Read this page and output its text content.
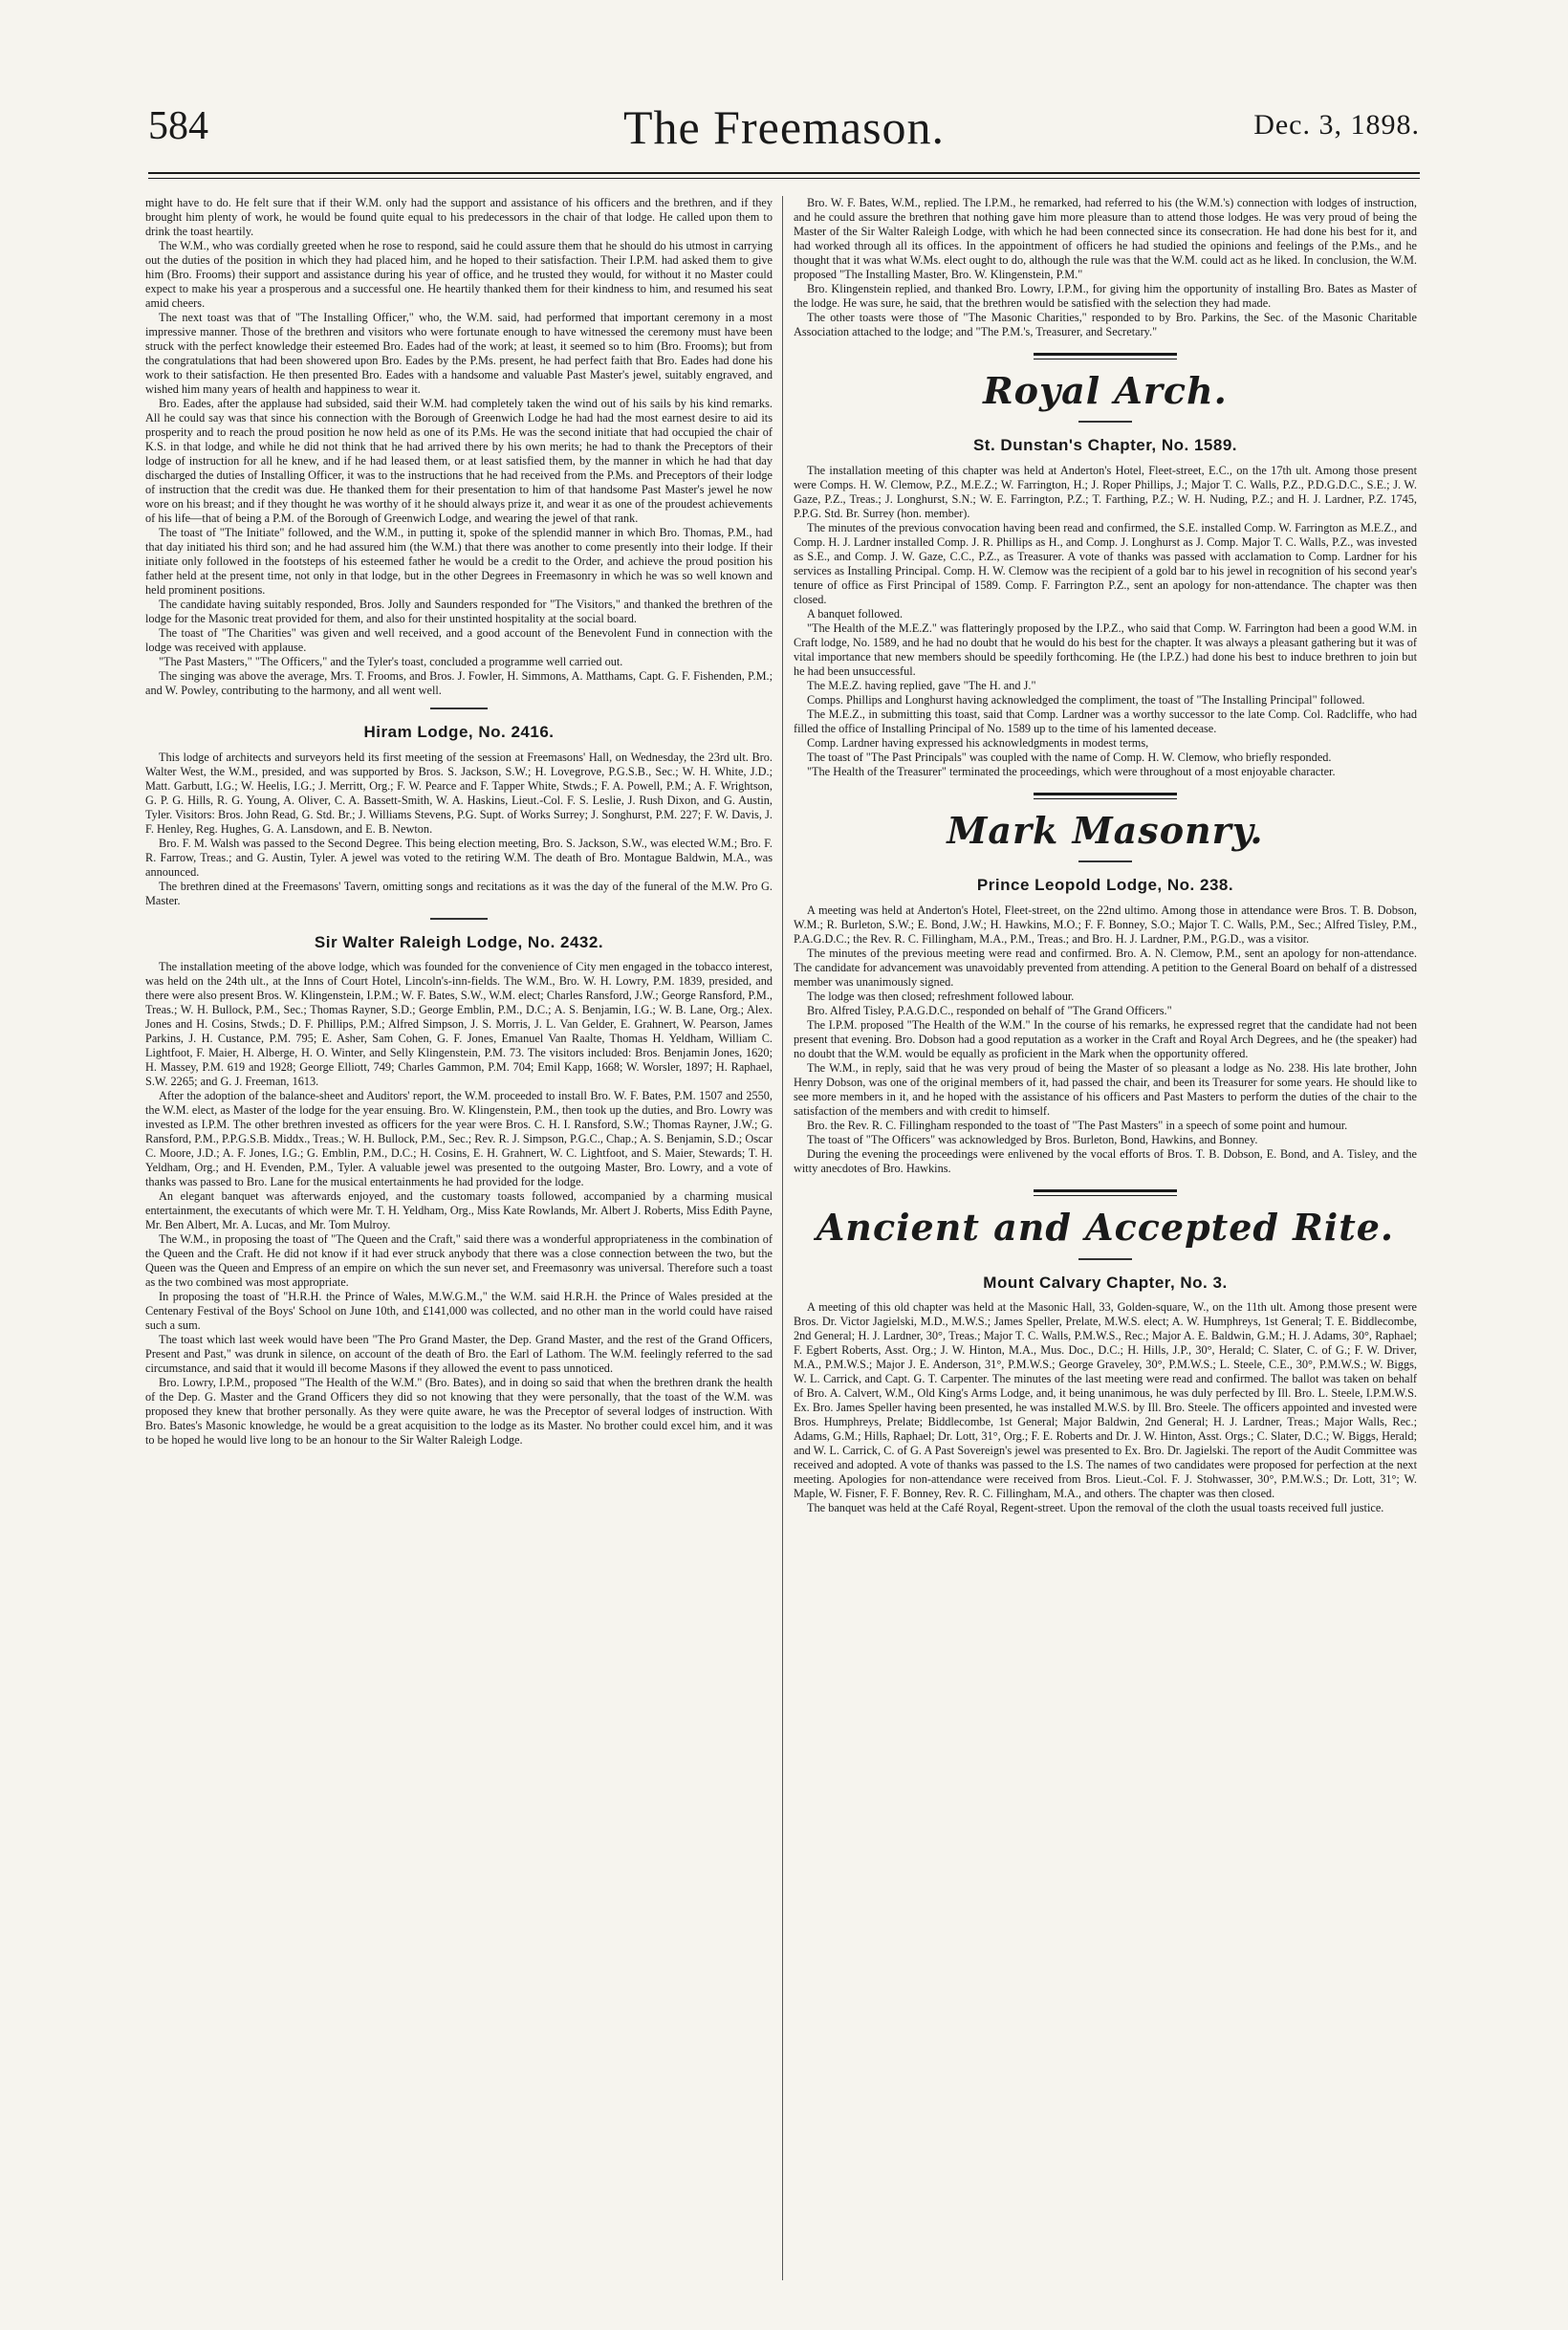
584	The Freemason.	Dec. 3, 1898.

might have to do. He felt sure that if their W.M. only had the support and assistance of his officers and the brethren, and if they brought him plenty of work, he would be found quite equal to his predecessors in the chair of that lodge. He called upon them to drink the toast heartily.

The W.M., who was cordially greeted when he rose to respond, said he could assure them that he should do his utmost in carrying out the duties of the position in which they had placed him, and he hoped to their satisfaction. Their I.P.M. had asked them to give him (Bro. Frooms) their support and assistance during his year of office, and he trusted they would, for without it no Master could expect to make his year a prosperous and a successful one. He heartily thanked them for their kindness to him, and resumed his seat amid cheers.

The next toast was that of "The Installing Officer," who, the W.M. said, had performed that important ceremony in a most impressive manner. Those of the brethren and visitors who were fortunate enough to have witnessed the ceremony must have been struck with the perfect knowledge their esteemed Bro. Eades had of the work; at least, it seemed so to him (Bro. Frooms); but from the congratulations that had been showered upon Bro. Eades by the P.Ms. present, he had perfect faith that Bro. Eades had done his work to their satisfaction. He then presented Bro. Eades with a handsome and valuable Past Master's jewel, suitably engraved, and wished him many years of health and happiness to wear it.

Bro. Eades, after the applause had subsided, said their W.M. had completely taken the wind out of his sails by his kind remarks. All he could say was that since his connection with the Borough of Greenwich Lodge he had had the most earnest desire to aid its prosperity and to reach the proud position he now held as one of its P.Ms. He was the second initiate that had occupied the chair of K.S. in that lodge, and while he did not think that he had arrived there by his own merits; he had to thank the Preceptors of their lodge of instruction for all he knew, and if he had leased them, or at least satisfied them, by the manner in which he had that day discharged the duties of Installing Officer, it was to the instructions that he had received from the P.Ms. and Preceptors of their lodge of instruction that the credit was due. He thanked them for their presentation to him of that handsome Past Master's jewel he now wore on his breast; and if they thought he was worthy of it he should always prize it, and wear it as one of the proudest achievements of his life—that of being a P.M. of the Borough of Greenwich Lodge, and wearing the jewel of that rank.

The toast of "The Initiate" followed, and the W.M., in putting it, spoke of the splendid manner in which Bro. Thomas, P.M., had that day initiated his third son; and he had assured him (the W.M.) that there was another to come presently into their lodge. If their initiate only followed in the footsteps of his esteemed father he would be a credit to the Order, and achieve the proud position his father held at the present time, not only in that lodge, but in the other Degrees in Freemasonry in which he was so well known and held prominent positions.

The candidate having suitably responded, Bros. Jolly and Saunders responded for "The Visitors," and thanked the brethren of the lodge for the Masonic treat provided for them, and also for their unstinted hospitality at the social board.

The toast of "The Charities" was given and well received, and a good account of the Benevolent Fund in connection with the lodge was received with applause.

"The Past Masters," "The Officers," and the Tyler's toast, concluded a programme well carried out.

The singing was above the average, Mrs. T. Frooms, and Bros. J. Fowler, H. Simmons, A. Matthams, Capt. G. F. Fishenden, P.M.; and W. Powley, contributing to the harmony, and all went well.

Hiram Lodge, No. 2416.

This lodge of architects and surveyors held its first meeting of the session at Freemasons' Hall, on Wednesday, the 23rd ult. Bro. Walter West, the W.M., presided, and was supported by Bros. S. Jackson, S.W.; H. Lovegrove, P.G.S.B., Sec.; W. H. White, J.D.; Matt. Garbutt, I.G.; W. Heelis, I.G.; J. Merritt, Org.; F. W. Pearce and F. Tapper White, Stwds.; F. A. Powell, P.M.; A. F. Wrightson, G. P. G. Hills, R. G. Young, A. Oliver, C. A. Bassett-Smith, W. A. Haskins, Lieut.-Col. F. S. Leslie, J. Rush Dixon, and G. Austin, Tyler. Visitors: Bros. John Read, G. Std. Br.; J. Williams Stevens, P.G. Supt. of Works Surrey; J. Songhurst, P.M. 227; F. W. Davis, J. F. Henley, Reg. Hughes, G. A. Lansdown, and E. B. Newton.

Bro. F. M. Walsh was passed to the Second Degree. This being election meeting, Bro. S. Jackson, S.W., was elected W.M.; Bro. F. R. Farrow, Treas.; and G. Austin, Tyler. A jewel was voted to the retiring W.M. The death of Bro. Montague Baldwin, M.A., was announced.

The brethren dined at the Freemasons' Tavern, omitting songs and recitations as it was the day of the funeral of the M.W. Pro G. Master.

Sir Walter Raleigh Lodge, No. 2432.

The installation meeting of the above lodge, which was founded for the convenience of City men engaged in the tobacco interest, was held on the 24th ult., at the Inns of Court Hotel, Lincoln's-inn-fields. The W.M., Bro. W. H. Lowry, P.M. 1839, presided, and there were also present Bros. W. Klingenstein, I.P.M.; W. F. Bates, S.W., W.M. elect; Charles Ransford, J.W.; George Ransford, P.M., Treas.; W. H. Bullock, P.M., Sec.; Thomas Rayner, S.D.; George Emblin, P.M., D.C.; A. S. Benjamin, I.G.; W. B. Lane, Org.; Alex. Jones and H. Cosins, Stwds.; D. F. Phillips, P.M.; Alfred Simpson, J. S. Morris, J. L. Van Gelder, E. Grahnert, W. Pearson, James Parkins, J. H. Custance, P.M. 795; E. Asher, Sam Cohen, G. F. Jones, Emanuel Van Raalte, Thomas H. Yeldham, William C. Lightfoot, F. Maier, H. Alberge, H. O. Winter, and Selly Klingenstein, P.M. 73. The visitors included: Bros. Benjamin Jones, 1620; H. Massey, P.M. 619 and 1928; George Elliott, 749; Charles Gammon, P.M. 704; Emil Kapp, 1668; W. Worsler, 1897; H. Raphael, S.W. 2265; and G. J. Freeman, 1613.

After the adoption of the balance-sheet and Auditors' report, the W.M. proceeded to install Bro. W. F. Bates, P.M. 1507 and 2550, the W.M. elect, as Master of the lodge for the year ensuing. Bro. W. Klingenstein, P.M., then took up the duties, and Bro. Lowry was invested as I.P.M. The other brethren invested as officers for the year were Bros. C. H. I. Ransford, S.W.; Thomas Rayner, J.W.; G. Ransford, P.M., P.P.G.S.B. Middx., Treas.; W. H. Bullock, P.M., Sec.; Rev. R. J. Simpson, P.G.C., Chap.; A. S. Benjamin, S.D.; Oscar C. Moore, J.D.; A. F. Jones, I.G.; G. Emblin, P.M., D.C.; H. Cosins, E. H. Grahnert, W. C. Lightfoot, and S. Maier, Stewards; T. H. Yeldham, Org.; and H. Evenden, P.M., Tyler. A valuable jewel was presented to the outgoing Master, Bro. Lowry, and a vote of thanks was passed to Bro. Lane for the musical entertainments he had provided for the lodge.

An elegant banquet was afterwards enjoyed, and the customary toasts followed, accompanied by a charming musical entertainment, the executants of which were Mr. T. H. Yeldham, Org., Miss Kate Rowlands, Mr. Albert J. Roberts, Miss Edith Payne, Mr. Ben Albert, Mr. A. Lucas, and Mr. Tom Mulroy.

The W.M., in proposing the toast of "The Queen and the Craft," said there was a wonderful appropriateness in the combination of the Queen and the Craft. He did not know if it had ever struck anybody that there was a close connection between the two, but the Queen was the Queen and Empress of an empire on which the sun never set, and Freemasonry was universal. Therefore such a toast as the two combined was most appropriate.

In proposing the toast of "H.R.H. the Prince of Wales, M.W.G.M.," the W.M. said H.R.H. the Prince of Wales presided at the Centenary Festival of the Boys' School on June 10th, and £141,000 was collected, and no other man in the world could have raised such a sum.

The toast which last week would have been "The Pro Grand Master, the Dep. Grand Master, and the rest of the Grand Officers, Present and Past," was drunk in silence, on account of the death of Bro. the Earl of Lathom. The W.M. feelingly referred to the sad circumstance, and said that it would ill become Masons if they allowed the event to pass unnoticed.

Bro. Lowry, I.P.M., proposed "The Health of the W.M." (Bro. Bates), and in doing so said that when the brethren drank the health of the Dep. G. Master and the Grand Officers they did so not knowing that they were personally, that the toast of the W.M. was proposed they knew that brother personally. As they were quite aware, he was the Preceptor of several lodges of instruction. With Bro. Bates's Masonic knowledge, he would be a great acquisition to the lodge as its Master. No brother could excel him, and it was to be hoped he would live long to be an honour to the Sir Walter Raleigh Lodge.

Bro. W. F. Bates, W.M., replied. The I.P.M., he remarked, had referred to his (the W.M.'s) connection with lodges of instruction, and he could assure the brethren that nothing gave him more pleasure than to attend those lodges. He was very proud of being the Master of the Sir Walter Raleigh Lodge, with which he had been connected since its consecration. He had done his best for it, and had worked through all its offices. In the appointment of officers he had studied the opinions and feelings of the P.Ms., and he thought that it was what W.Ms. elect ought to do, although the rule was that the W.M. could act as he liked. In conclusion, the W.M. proposed "The Installing Master, Bro. W. Klingenstein, P.M."

Bro. Klingenstein replied, and thanked Bro. Lowry, I.P.M., for giving him the opportunity of installing Bro. Bates as Master of the lodge. He was sure, he said, that the brethren would be satisfied with the selection they had made.

The other toasts were those of "The Masonic Charities," responded to by Bro. Parkins, the Sec. of the Masonic Charitable Association attached to the lodge; and "The P.M.'s, Treasurer, and Secretary."

Royal Arch.
St. Dunstan's Chapter, No. 1589.

The installation meeting of this chapter was held at Anderton's Hotel, Fleet-street, E.C., on the 17th ult. Among those present were Comps. H. W. Clemow, P.Z., M.E.Z.; W. Farrington, H.; J. Roper Phillips, J.; Major T. C. Walls, P.Z., P.D.G.D.C., S.E.; J. W. Gaze, P.Z., Treas.; J. Longhurst, S.N.; W. E. Farrington, P.Z.; T. Farthing, P.Z.; W. H. Nuding, P.Z.; and H. J. Lardner, P.Z. 1745, P.P.G. Std. Br. Surrey (hon. member).

The minutes of the previous convocation having been read and confirmed, the S.E. installed Comp. W. Farrington as M.E.Z., and Comp. H. J. Lardner installed Comp. J. R. Phillips as H., and Comp. J. Longhurst as J. Comp. Major T. C. Walls, P.Z., was invested as S.E., and Comp. J. W. Gaze, C.C., P.Z., as Treasurer. A vote of thanks was passed with acclamation to Comp. Lardner for his services as Installing Principal. Comp. H. W. Clemow was the recipient of a gold bar to his jewel in recognition of his second year's tenure of office as First Principal of 1589. Comp. F. Farrington P.Z., sent an apology for non-attendance. The chapter was then closed.

A banquet followed.

"The Health of the M.E.Z." was flatteringly proposed by the I.P.Z., who said that Comp. W. Farrington had been a good W.M. in Craft lodge, No. 1589, and he had no doubt that he would do his best for the chapter. It was always a pleasant gathering but it was of vital importance that new members should be speedily forthcoming. He (the I.P.Z.) had done his best to induce brethren to join but he had been unsuccessful.

The M.E.Z. having replied, gave "The H. and J."

Comps. Phillips and Longhurst having acknowledged the compliment, the toast of "The Installing Principal" followed.

The M.E.Z., in submitting this toast, said that Comp. Lardner was a worthy successor to the late Comp. Col. Radcliffe, who had filled the office of Installing Principal of No. 1589 up to the time of his lamented decease.

Comp. Lardner having expressed his acknowledgments in modest terms,

The toast of "The Past Principals" was coupled with the name of Comp. H. W. Clemow, who briefly responded.

"The Health of the Treasurer" terminated the proceedings, which were throughout of a most enjoyable character.

Mark Masonry.
Prince Leopold Lodge, No. 238.

A meeting was held at Anderton's Hotel, Fleet-street, on the 22nd ultimo. Among those in attendance were Bros. T. B. Dobson, W.M.; R. Burleton, S.W.; E. Bond, J.W.; H. Hawkins, M.O.; F. F. Bonney, S.O.; Major T. C. Walls, P.M., Sec.; Alfred Tisley, P.M., P.A.G.D.C.; the Rev. R. C. Fillingham, M.A., P.M., Treas.; and Bro. H. J. Lardner, P.M., P.G.D., was a visitor.

The minutes of the previous meeting were read and confirmed. Bro. A. N. Clemow, P.M., sent an apology for non-attendance. The candidate for advancement was unavoidably prevented from attending. A petition to the General Board on behalf of a distressed member was unanimously signed.

The lodge was then closed; refreshment followed labour.

Bro. Alfred Tisley, P.A.G.D.C., responded on behalf of "The Grand Officers."

The I.P.M. proposed "The Health of the W.M." In the course of his remarks, he expressed regret that the candidate had not been present that evening. Bro. Dobson had a good reputation as a worker in the Craft and Royal Arch Degrees, and he (the speaker) had no doubt that the W.M. would be equally as proficient in the Mark when the opportunity offered.

The W.M., in reply, said that he was very proud of being the Master of so pleasant a lodge as No. 238. His late brother, John Henry Dobson, was one of the original members of it, had passed the chair, and been its Treasurer for some years. He should like to see more members in it, and he hoped with the assistance of his officers and Past Masters to perform the duties of the chair to the satisfaction of the members and with credit to himself.

Bro. the Rev. R. C. Fillingham responded to the toast of "The Past Masters" in a speech of some point and humour.

The toast of "The Officers" was acknowledged by Bros. Burleton, Bond, Hawkins, and Bonney.

During the evening the proceedings were enlivened by the vocal efforts of Bros. T. B. Dobson, E. Bond, and A. Tisley, and the witty anecdotes of Bro. Hawkins.

Ancient and Accepted Rite.
Mount Calvary Chapter, No. 3.

A meeting of this old chapter was held at the Masonic Hall, 33, Golden-square, W., on the 11th ult. Among those present were Bros. Dr. Victor Jagielski, M.D., M.W.S.; James Speller, Prelate, M.W.S. elect; A. W. Humphreys, 1st General; T. E. Biddlecombe, 2nd General; H. J. Lardner, 30°, Treas.; Major T. C. Walls, P.M.W.S., Rec.; Major A. E. Baldwin, G.M.; H. J. Adams, 30°, Raphael; F. Egbert Roberts, Asst. Org.; J. W. Hinton, M.A., Mus. Doc., D.C.; H. Hills, J.P., 30°, Herald; C. Slater, C. of G.; F. W. Driver, M.A., P.M.W.S.; Major J. E. Anderson, 31°, P.M.W.S.; George Graveley, 30°, P.M.W.S.; L. Steele, C.E., 30°, P.M.W.S.; W. Biggs, W. L. Carrick, and Capt. G. T. Carpenter. The minutes of the last meeting were read and confirmed. The ballot was taken on behalf of Bro. A. Calvert, W.M., Old King's Arms Lodge, and, it being unanimous, he was duly perfected by Ill. Bro. L. Steele, I.P.M.W.S. Ex. Bro. James Speller having been presented, he was installed M.W.S. by Ill. Bro. Steele. The officers appointed and invested were Bros. Humphreys, Prelate; Biddlecombe, 1st General; Major Baldwin, 2nd General; H. J. Lardner, Treas.; Major Walls, Rec.; Adams, G.M.; Hills, Raphael; Dr. Lott, 31°, Org.; F. E. Roberts and Dr. J. W. Hinton, Asst. Orgs.; C. Slater, D.C.; W. Biggs, Herald; and W. L. Carrick, C. of G. A Past Sovereign's jewel was presented to Ex. Bro. Dr. Jagielski. The report of the Audit Committee was received and adopted. A vote of thanks was passed to the I.S. The names of two candidates were proposed for perfection at the next meeting. Apologies for non-attendance were received from Bros. Lieut.-Col. F. J. Stohwasser, 30°, P.M.W.S.; Dr. Lott, 31°; W. Maple, W. Fisner, F. F. Bonney, Rev. R. C. Fillingham, M.A., and others. The chapter was then closed.

The banquet was held at the Café Royal, Regent-street. Upon the removal of the cloth the usual toasts received full justice.
